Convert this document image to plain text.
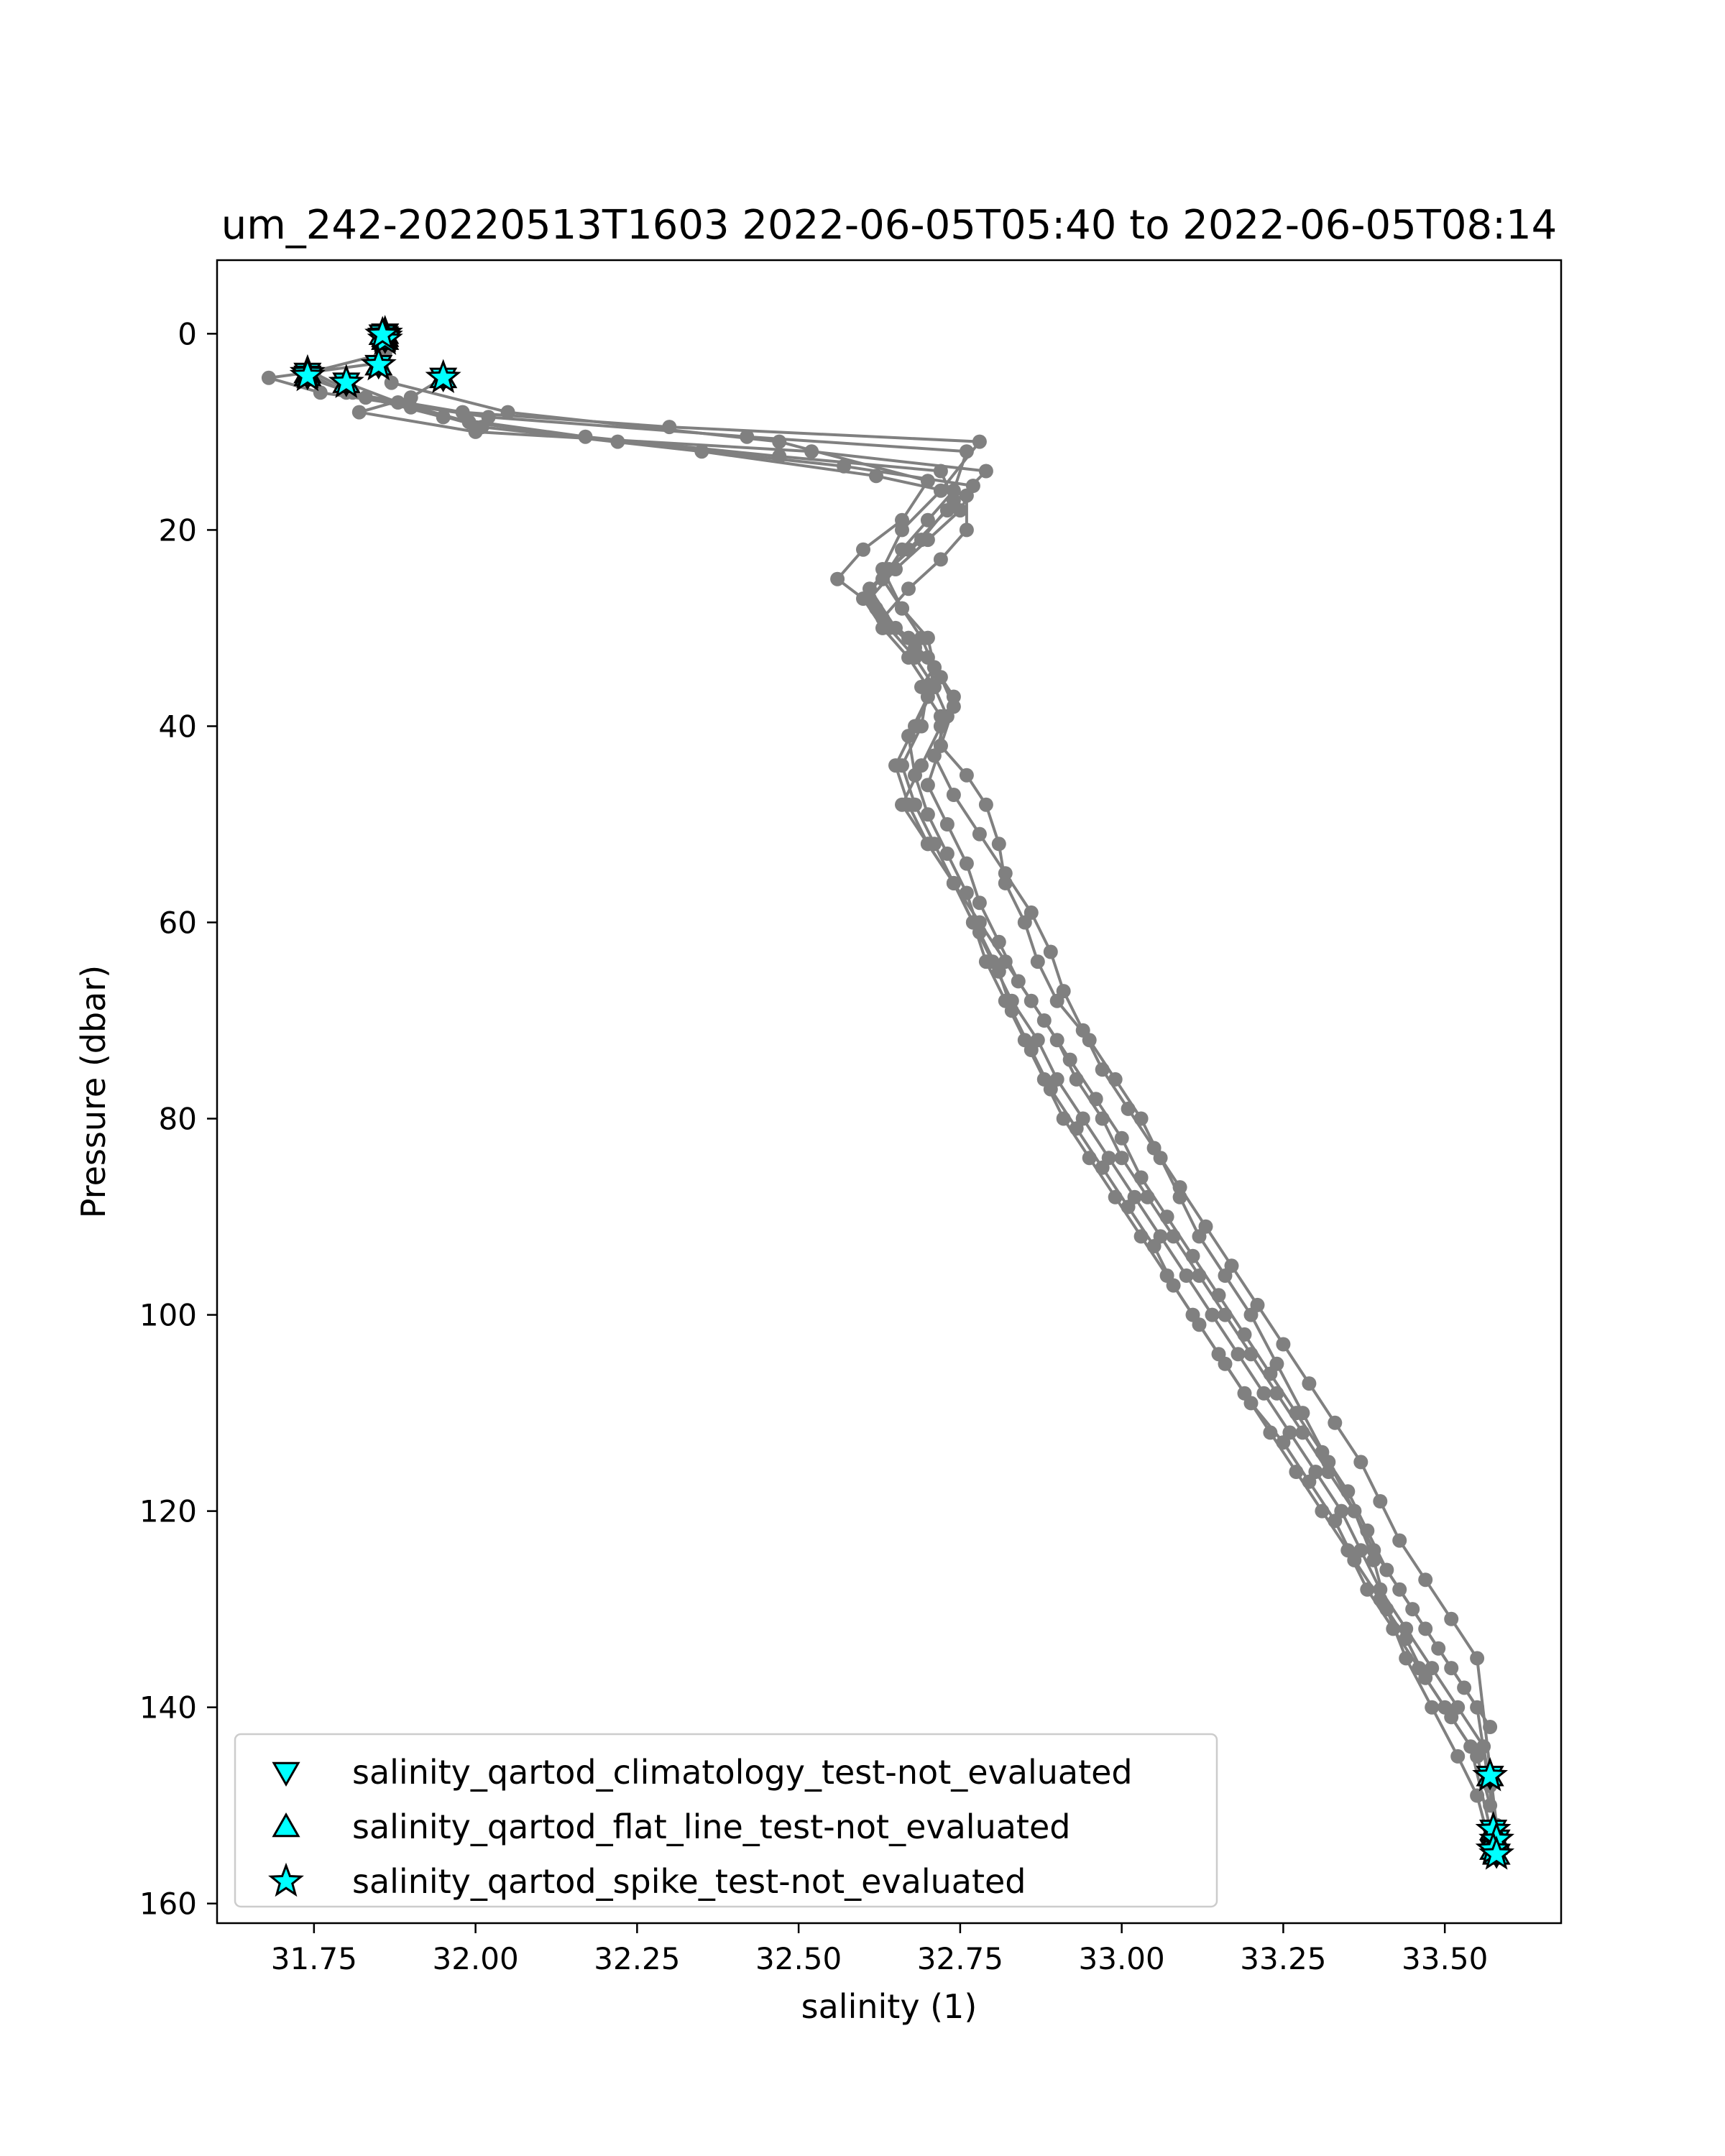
um_242-20220513T1603 2022-06-05T05:40 to 2022-06-05T08:14
31.75 32.00 32.25 32.50 32.75 33.00 33.25 33.50
0
20
40
60
80
100
120
140
160
salinity (1)
Pressure (dbar)
salinity_qartod_climatology_test-not_evaluated
salinity_qartod_flat_line_test-not_evaluated
salinity_qartod_spike_test-not_evaluated
